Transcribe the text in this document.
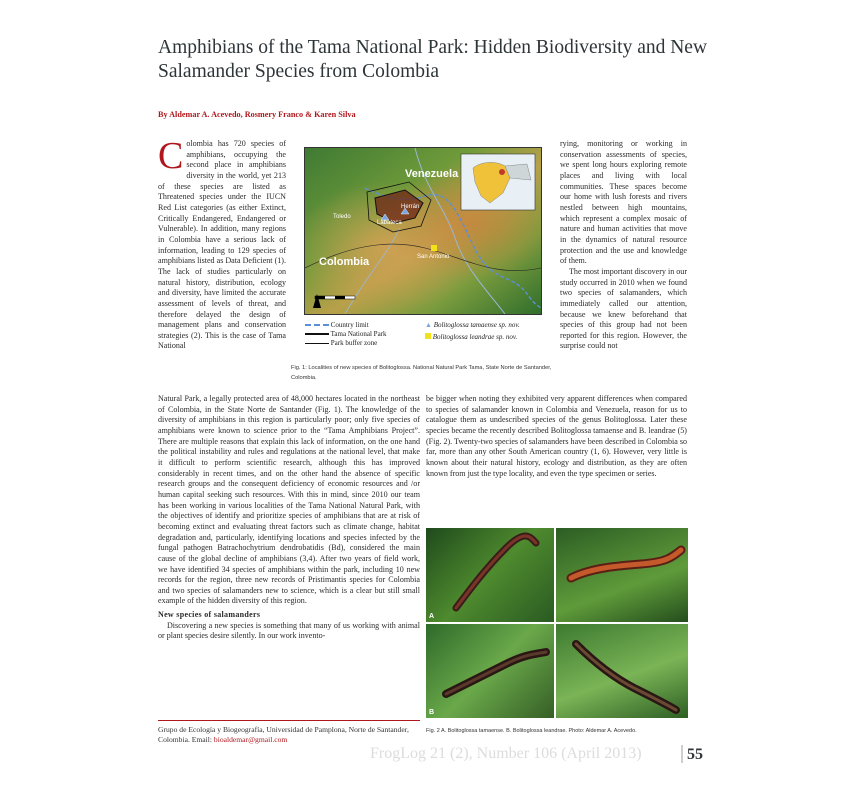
Amphibians of the Tama National Park: Hidden Biodiversity and New Salamander Species from Colombia
By Aldemar A. Acevedo, Rosmery Franco & Karen Silva
C olombia has 720 species of amphibians, occupying the second place in amphibians diversity in the world, yet 213 of these species are listed as Threatened species under the IUCN Red List categories (as either Extinct, Critically Endangered, Endangered or Vulnerable). In addition, many regions in Colombia have a serious lack of information, leading to 129 species of amphibians listed as Data Deficient (1). The lack of studies particularly on natural history, distribution, ecology and diversity, have limited the accurate assessment of levels of threat, and therefore delayed the design of management plans and conservation strategies (2). This is the case of Tama National

Venezuela
Colombia
Toledo
Herrán
Labateca
San Antonio
Country limit
Tama National Park
Park buffer zone
▲ Bolitoglossa tamaense sp. nov.
Bolitoglossa leandrae sp. nov.
Fig. 1: Localities of new species of Bolitoglossa. National Natural Park Tama, State Norte de Santander, Colombia.

rying, monitoring or working in conservation assessments of species, we spent long hours exploring remote places and living with local communities. These spaces become our home with lush forests and rivers nestled between high mountains, which represent a complex mosaic of nature and human activities that move in the dynamics of natural resource protection and the use and knowledge of them.

The most important discovery in our study occurred in 2010 when we found two species of salamanders, which immediately called our attention, because we knew beforehand that species of this group had not been reported for this region. However, the surprise could not

Natural Park, a legally protected area of 48,000 hectares located in the northeast of Colombia, in the State Norte de Santander (Fig. 1). The knowledge of the diversity of amphibians in this region is particularly poor; only five species of amphibians were known to science prior to the “Tama Amphibians Project”. There are multiple reasons that explain this lack of information, on the one hand the political instability and rules and regulations at the national level, that make it difficult to perform scientific research, although this has improved considerably in recent times, and on the other hand the absence of specific research groups and the consequent deficiency of economic resources and /or human capital seeking such resources. With this in mind, since 2010 our team has been working in various localities of the Tama National Natural Park, with the objectives of identify and prioritize species of amphibians that are at risk of becoming extinct and evaluating threat factors such as climate change, habitat degradation and, particularly, identifying locations and species infected by the fungal pathogen Batrachochytrium dendrobatidis (Bd), considered the main cause of the global decline of amphibians (3,4). After two years of field work, we have identified 34 species of amphibians within the park, including 10 new records for the region, three new records of Pristimantis species for Colombia and two species of salamanders new to science, which is a clear but still small example of the hidden diversity of this region.

New species of salamanders

Discovering a new species is something that many of us working with animal or plant species desire silently. In our work invento-

be bigger when noting they exhibited very apparent differences when compared to species of salamander known in Colombia and Venezuela, reason for us to catalogue them as undescribed species of the genus Bolitoglossa. Later these species became the recently described Bolitoglossa tamaense and B. leandrae (5) (Fig. 2). Twenty-two species of salamanders have been described in Colombia so far, more than any other South American country (1, 6). However, very little is known about their natural history, ecology and distribution, as they are often known from just the type locality, and even the type specimen or series.

A
B
Fig. 2 A. Bolitoglossa tamaense. B. Bolitoglossa leandrae. Photo: Aldemar A. Acevedo.
Grupo de Ecología y Biogeografía, Universidad de Pamplona, Norte de Santander, Colombia. Email: bioaldemar@gmail.com
FrogLog 21 (2), Number 106 (April 2013)	55
